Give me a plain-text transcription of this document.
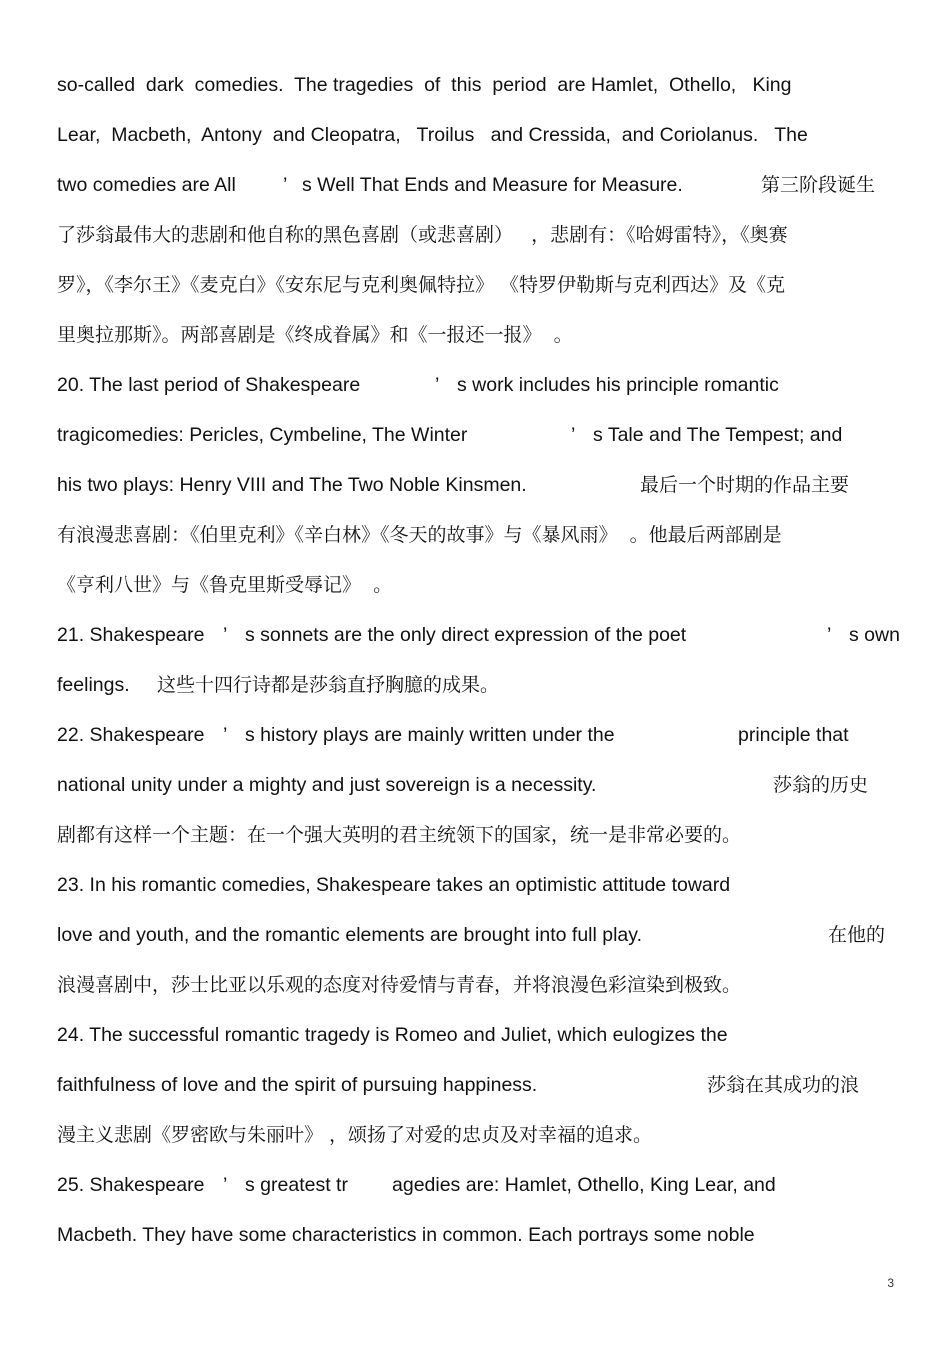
so-called  dark  comedies.  The tragedies  of  this  period  are Hamlet,  Othello,   King

Lear,  Macbeth,  Antony  and Cleopatra,   Troilus   and Cressida,  and Coriolanus.   The

two comedies are All

’

s Well That Ends and Measure for Measure.

	第三阶段诞生

了莎翁最伟大的悲剧和他自称的黑色喜剧（或悲喜剧）   ，悲剧有：《哈姆雷特》，《奥赛

罗》，《李尔王》《麦克白》《安东尼与克利奥佩特拉》 《特罗伊勒斯与克利西达》及《克

里奥拉那斯》。两部喜剧是《终成眷属》和《一报还一报》  。

20. The last period of Shakespeare

	’

s work includes his principle romantic

tragicomedies: Pericles, Cymbeline, The Winter

	’

s Tale and The Tempest; and

his two plays: Henry VIII and The Two Noble Kinsmen.

	最后一个时期的作品主要

有浪漫悲喜剧：《伯里克利》《辛白林》《冬天的故事》与《暴风雨》  。他最后两部剧是

《亨利八世》与《鲁克里斯受辱记》  。

21. Shakespeare

’

s sonnets are the only direct expression of the poet

	’

s own

feelings.

这些十四行诗都是莎翁直抒胸臆的成果。

22. Shakespeare

’

s history plays are mainly written under the

	principle that

national unity under a mighty and just sovereign is a necessity.

	莎翁的历史

剧都有这样一个主题：在一个强大英明的君主统领下的国家，统一是非常必要的。

23. In his romantic comedies, Shakespeare takes an optimistic attitude toward

love and youth, and the romantic elements are brought into full play.

	在他的

浪漫喜剧中，莎士比亚以乐观的态度对待爱情与青春，并将浪漫色彩渲染到极致。

24. The successful romantic tragedy is Romeo and Juliet, which eulogizes the

faithfulness of love and the spirit of pursuing happiness.

	莎翁在其成功的浪

漫主义悲剧《罗密欧与朱丽叶》 ，颂扬了对爱的忠贞及对幸福的追求。

25. Shakespeare

’

s greatest tr

agedies are: Hamlet, Othello, King Lear, and

Macbeth. They have some characteristics in common. Each portrays some noble

3
